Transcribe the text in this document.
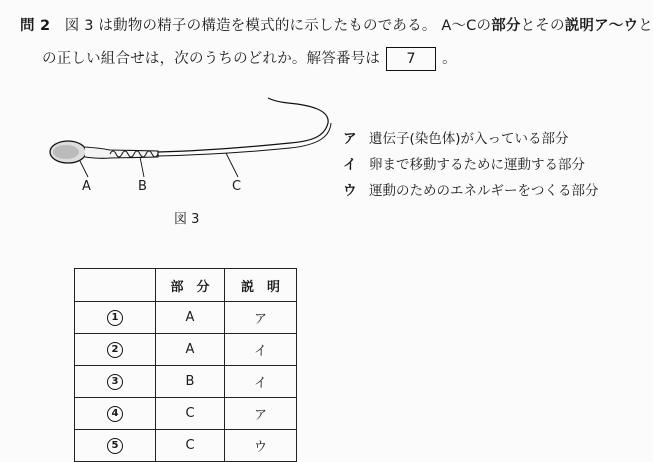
問 2 図 3 は動物の精子の構造を模式的に示したものである。 A～Cの部分とその説明ア～ウと
の正しい組合せは，次のうちのどれか。解答番号は 7 。
A	B	C
図 3
ア 遺伝子(染色体)が入っている部分
イ 卵まで移動するために運動する部分
ウ 運動のためのエネルギーをつくる部分
	部　分	説　明
1	A	ア
2	A	イ
3	B	イ
4	C	ア
5	C	ウ
